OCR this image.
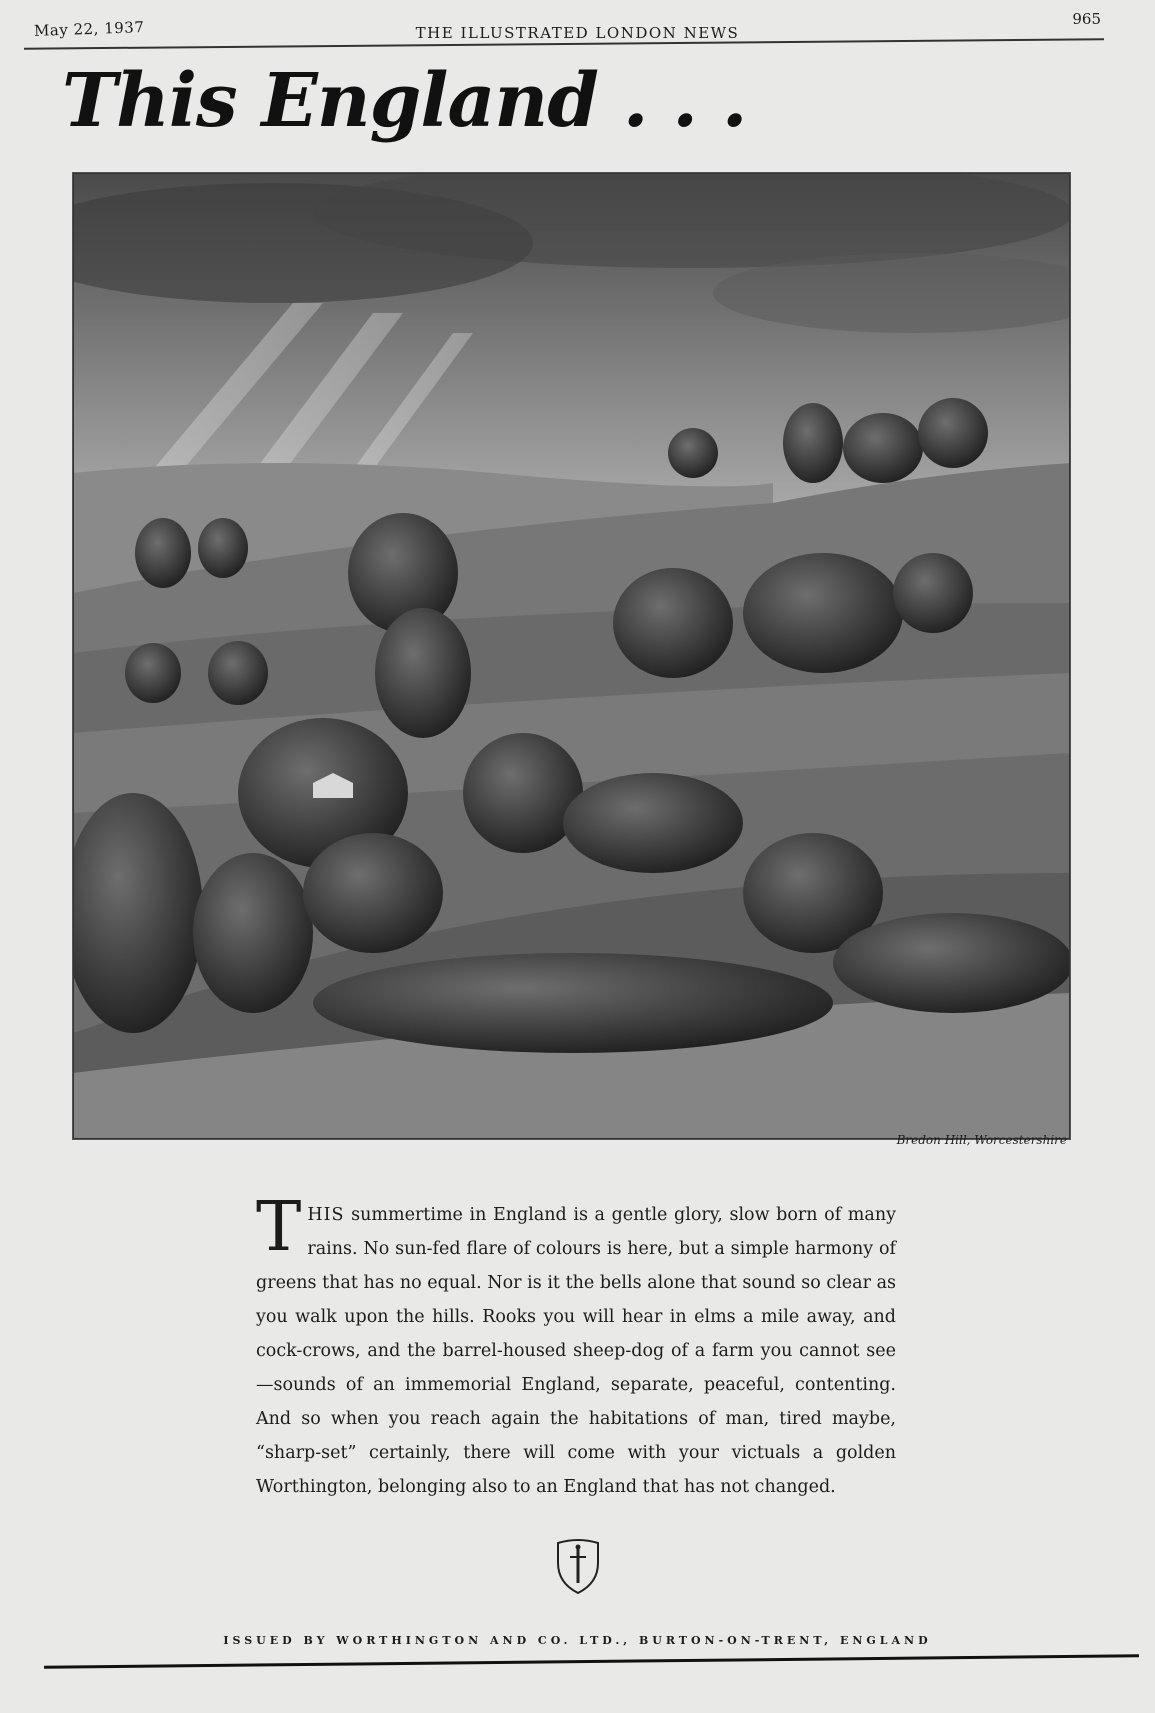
May 22, 1937	THE ILLUSTRATED LONDON NEWS
965
This England . . .
Bredon Hill, Worcestershire
THIS summertime in England is a gentle glory, slow born of many rains. No sun-fed flare of colours is here, but a simple harmony of greens that has no equal. Nor is it the bells alone that sound so clear as you walk upon the hills. Rooks you will hear in elms a mile away, and cock-crows, and the barrel-housed sheep-dog of a farm you cannot see—sounds of an immemorial England, separate, peaceful, contenting. And so when you reach again the habitations of man, tired maybe, “sharp-set” certainly, there will come with your victuals a golden Worthington, belonging also to an England that has not changed.
ISSUED BY WORTHINGTON AND CO. LTD., BURTON-ON-TRENT, ENGLAND
